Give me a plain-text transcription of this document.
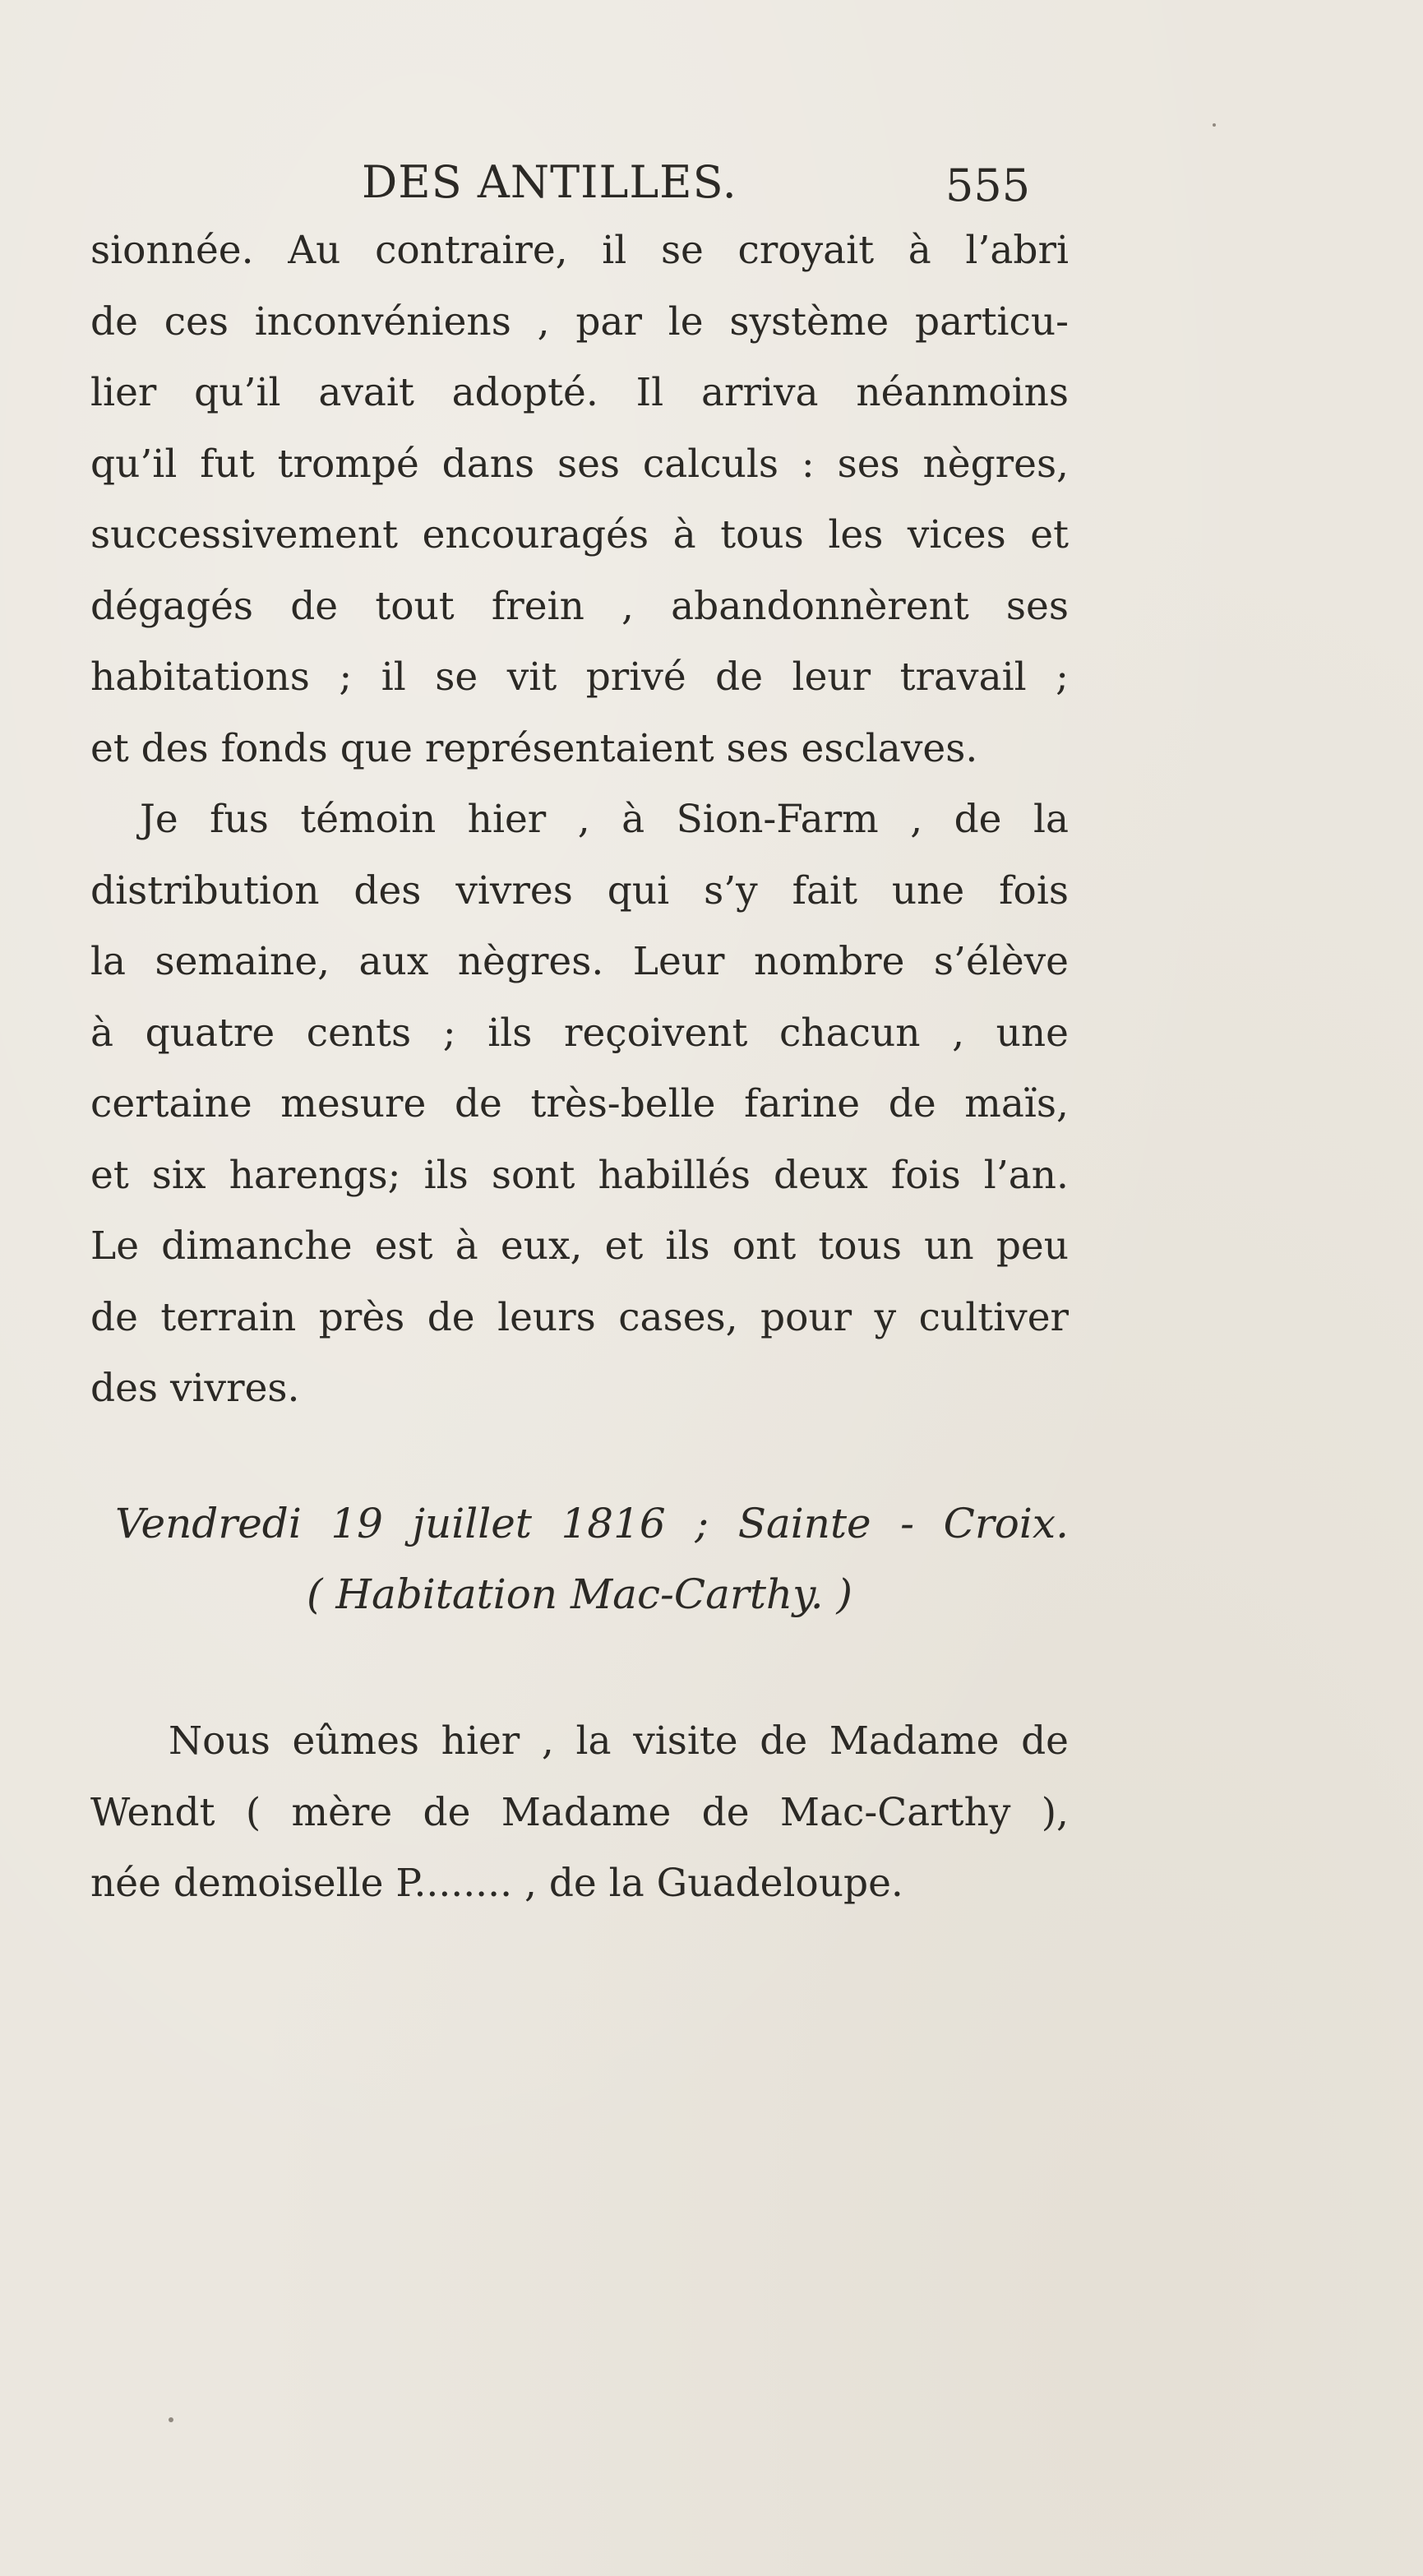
DES ANTILLES.	555
sionnée. Au contraire, il se croyait à l’abri
de ces inconvéniens , par le système particu-
lier qu’il avait adopté. Il arriva néanmoins
qu’il fut trompé dans ses calculs : ses nègres,
successivement encouragés à tous les vices et
dégagés de tout frein , abandonnèrent ses
habitations ; il se vit privé de leur travail ;
et des fonds que représentaient ses esclaves.
Je fus témoin hier , à Sion-Farm , de la
distribution des vivres qui s’y fait une fois
la semaine, aux nègres. Leur nombre s’élève
à quatre cents ; ils reçoivent chacun , une
certaine mesure de très-belle farine de maïs,
et six harengs; ils sont habillés deux fois l’an.
Le dimanche est à eux, et ils ont tous un peu
de terrain près de leurs cases, pour y cultiver
des vivres.
Vendredi 19 juillet 1816 ; Sainte - Croix.
( Habitation Mac-Carthy. )
Nous eûmes hier , la visite de Madame de
Wendt ( mère de Madame de Mac-Carthy ),
née demoiselle P........ , de la Guadeloupe.
